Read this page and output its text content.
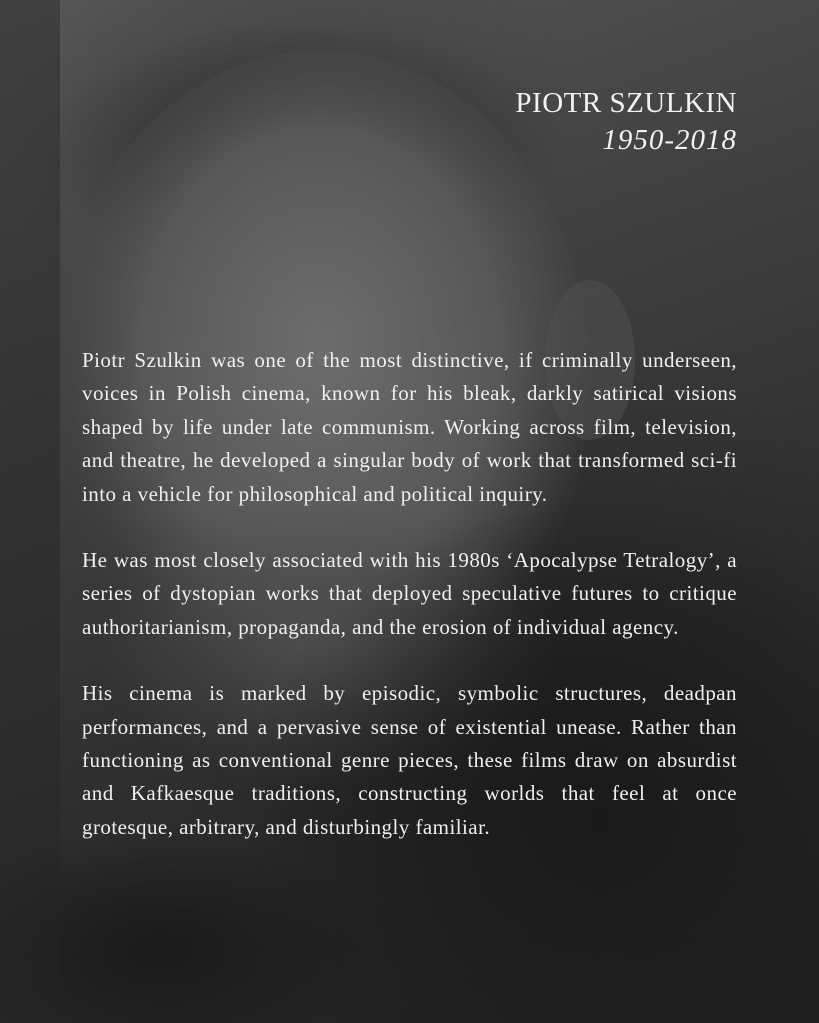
PIOTR SZULKIN
1950-2018

Piotr Szulkin was one of the most distinctive, if criminally underseen, voices in Polish cinema, known for his bleak, darkly satirical visions shaped by life under late communism. Working across film, television, and theatre, he developed a singular body of work that transformed sci-fi into a vehicle for philosophical and political inquiry.

He was most closely associated with his 1980s ‘Apocalypse Tetralogy’, a series of dystopian works that deployed speculative futures to critique authoritarianism, propaganda, and the erosion of individual agency.

His cinema is marked by episodic, symbolic structures, deadpan performances, and a pervasive sense of existential unease. Rather than functioning as conventional genre pieces, these films draw on absurdist and Kafkaesque traditions, constructing worlds that feel at once grotesque, arbitrary, and disturbingly familiar.
